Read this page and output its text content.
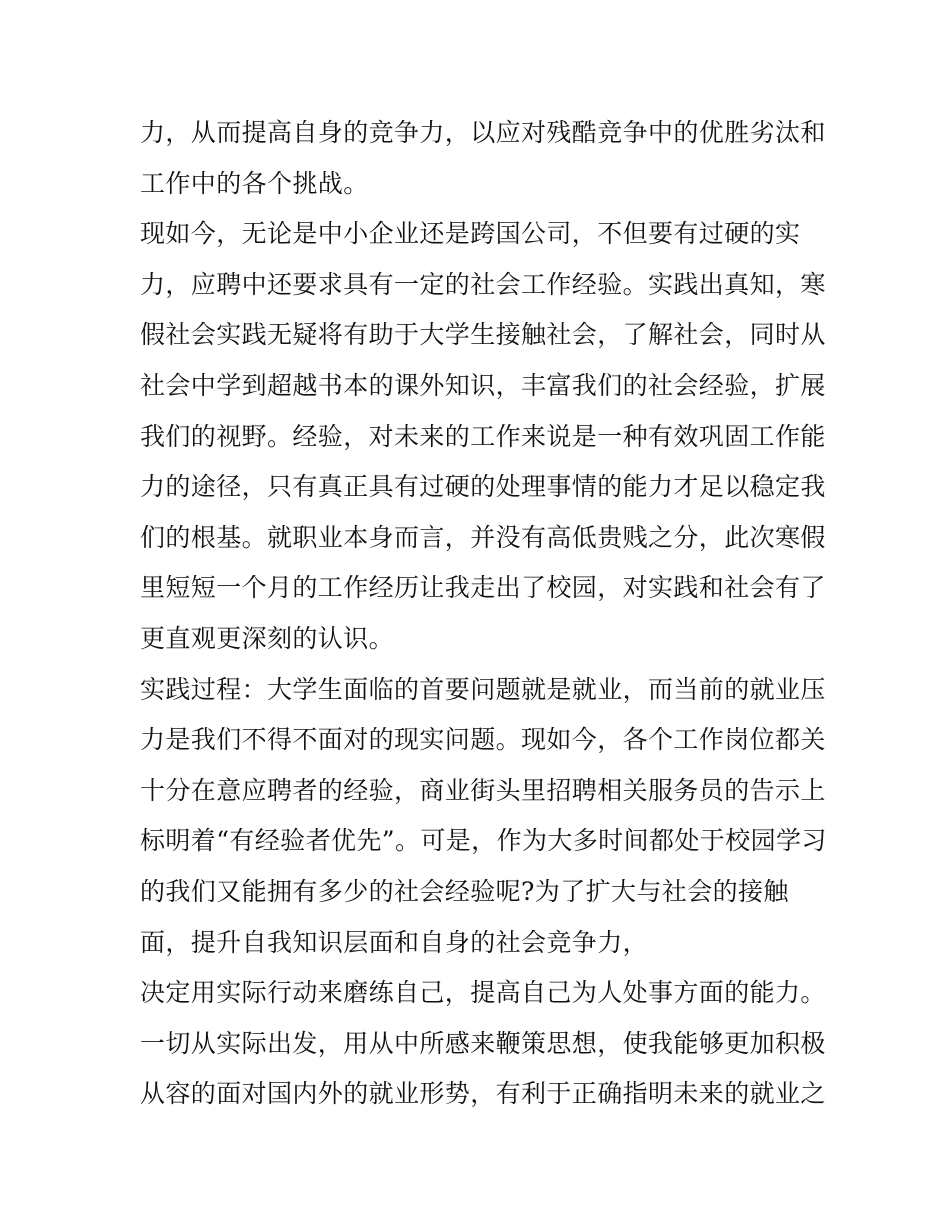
力，从而提高自身的竞争力，以应对残酷竞争中的优胜劣汰和
工作中的各个挑战。
现如今，无论是中小企业还是跨国公司，不但要有过硬的实
力，应聘中还要求具有一定的社会工作经验。实践出真知，寒
假社会实践无疑将有助于大学生接触社会，了解社会，同时从
社会中学到超越书本的课外知识，丰富我们的社会经验，扩展
我们的视野。经验，对未来的工作来说是一种有效巩固工作能
力的途径，只有真正具有过硬的处理事情的能力才足以稳定我
们的根基。就职业本身而言，并没有高低贵贱之分，此次寒假
里短短一个月的工作经历让我走出了校园，对实践和社会有了
更直观更深刻的认识。
实践过程：大学生面临的首要问题就是就业，而当前的就业压
力是我们不得不面对的现实问题。现如今，各个工作岗位都关
十分在意应聘者的经验，商业街头里招聘相关服务员的告示上
标明着“有经验者优先”。可是，作为大多时间都处于校园学习
的我们又能拥有多少的社会经验呢?为了扩大与社会的接触
面，提升自我知识层面和自身的社会竞争力，
决定用实际行动来磨练自己，提高自己为人处事方面的能力。
一切从实际出发，用从中所感来鞭策思想，使我能够更加积极
从容的面对国内外的就业形势，有利于正确指明未来的就业之
